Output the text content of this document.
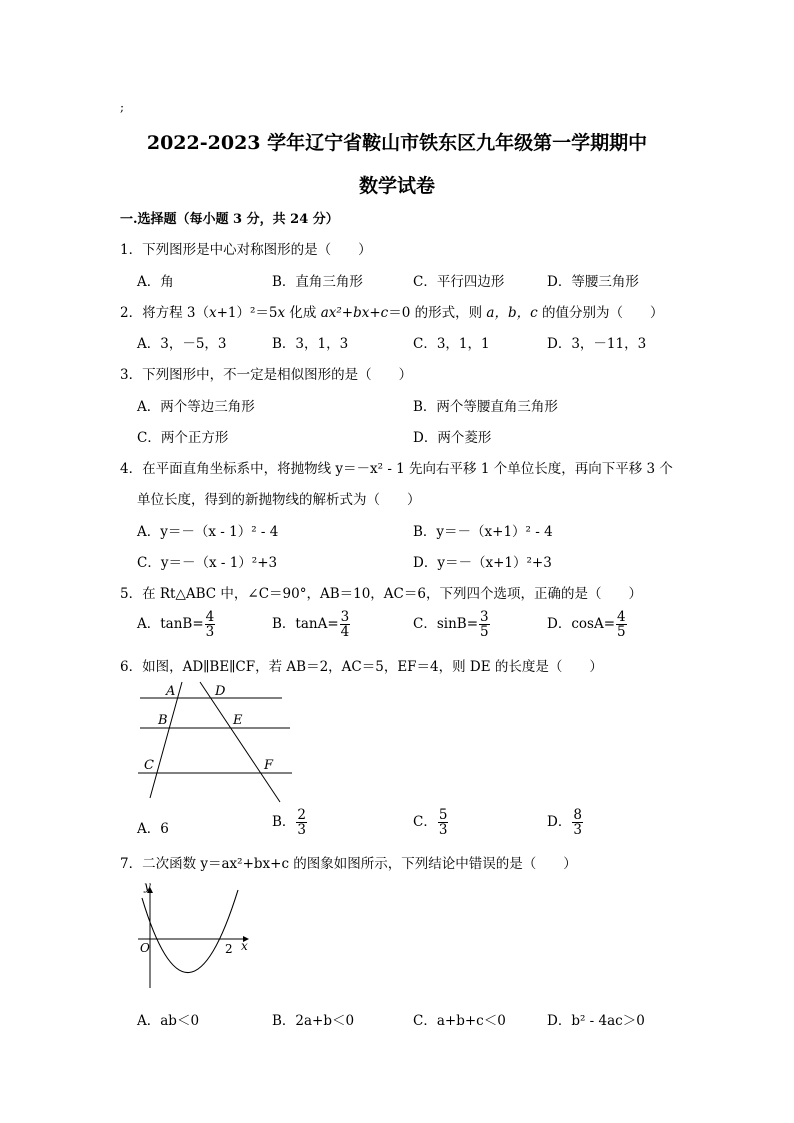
;
2022-2023 学年辽宁省鞍山市铁东区九年级第一学期期中
数学试卷
一.选择题（每小题 3 分，共 24 分）
1．下列图形是中心对称图形的是（　　）
A．角	B．直角三角形	C．平行四边形	D．等腰三角形
2．将方程 3（x+1）²＝5x 化成 ax²+bx+c＝0 的形式，则 a，b，c 的值分别为（　　）
A．3，－5，3	B．3，1，3	C．3，1，1	D．3，－11，3
3．下列图形中，不一定是相似图形的是（　　）
A．两个等边三角形	B．两个等腰直角三角形
C．两个正方形	D．两个菱形
4．在平面直角坐标系中，将抛物线 y＝－x² - 1 先向右平移 1 个单位长度，再向下平移 3 个
单位长度，得到的新抛物线的解析式为（　　）
A．y＝－（x - 1）² - 4	B．y＝－（x+1）² - 4
C．y＝－（x - 1）²+3	D．y＝－（x+1）²+3
5．在 Rt△ABC 中，∠C＝90°，AB＝10，AC＝6，下列四个选项，正确的是（　　）
A．$\tan B= \frac{4}{3}$	B．$\tan A= \frac{3}{4}$	C．$\sin B= \frac{3}{5}$	D．$\cos A= \frac{4}{5}$
6．如图，AD∥BE∥CF，若 AB＝2，AC＝5，EF＝4，则 DE 的长度是（　　）
A	D
B	E
C	F
A．6	B． $\frac{2}{3}$	C． $\frac{5}{3}$	D． $\frac{8}{3}$
7．二次函数 y＝ax²+bx+c 的图象如图所示，下列结论中错误的是（　　）
y
x
O	2
A．ab＜0	B．2a+b＜0	C．a+b+c＜0	D．b² - 4ac＞0
